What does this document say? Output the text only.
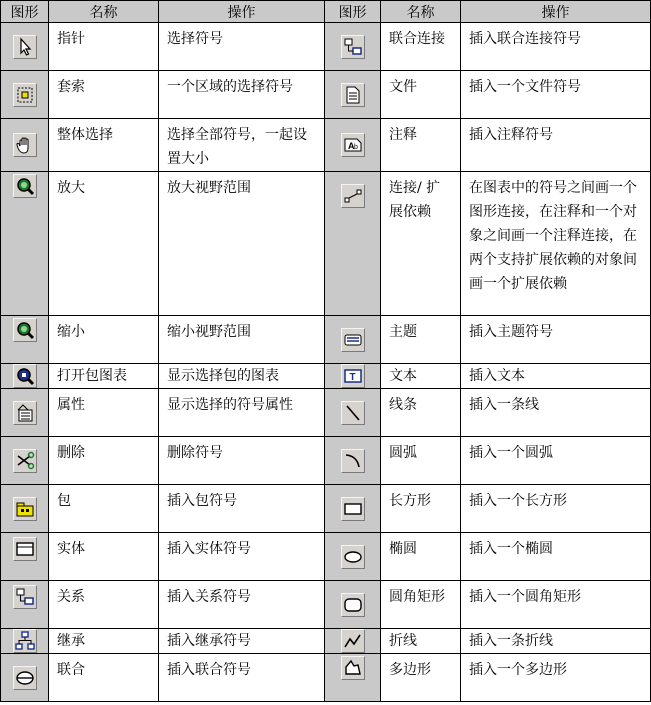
图形	名称	操作	图形	名称	操作

	指针	选择符号		联合连接	插入联合连接符号

	套索	一个区域的选择符号		文件	插入一个文件符号

	整体选择	选择全部符号，一起设置大小	A b	注释	插入注释符号

	放大	放大视野范围		连接/ 扩展依赖	在图表中的符号之间画一个图形连接，在注释和一个对象之间画一个注释连接，在两个支持扩展依赖的对象间画一个扩展依赖

	缩小	缩小视野范围		主题	插入主题符号

	打开包图表	显示选择包的图表	T	文本	插入文本

	属性	显示选择的符号属性		线条	插入一条线

	删除	删除符号		圆弧	插入一个圆弧

	包	插入包符号		长方形	插入一个长方形

	实体	插入实体符号		椭圆	插入一个椭圆

	关系	插入关系符号		圆角矩形	插入一个圆角矩形

	继承	插入继承符号		折线	插入一条折线

	联合	插入联合符号		多边形	插入一个多边形
